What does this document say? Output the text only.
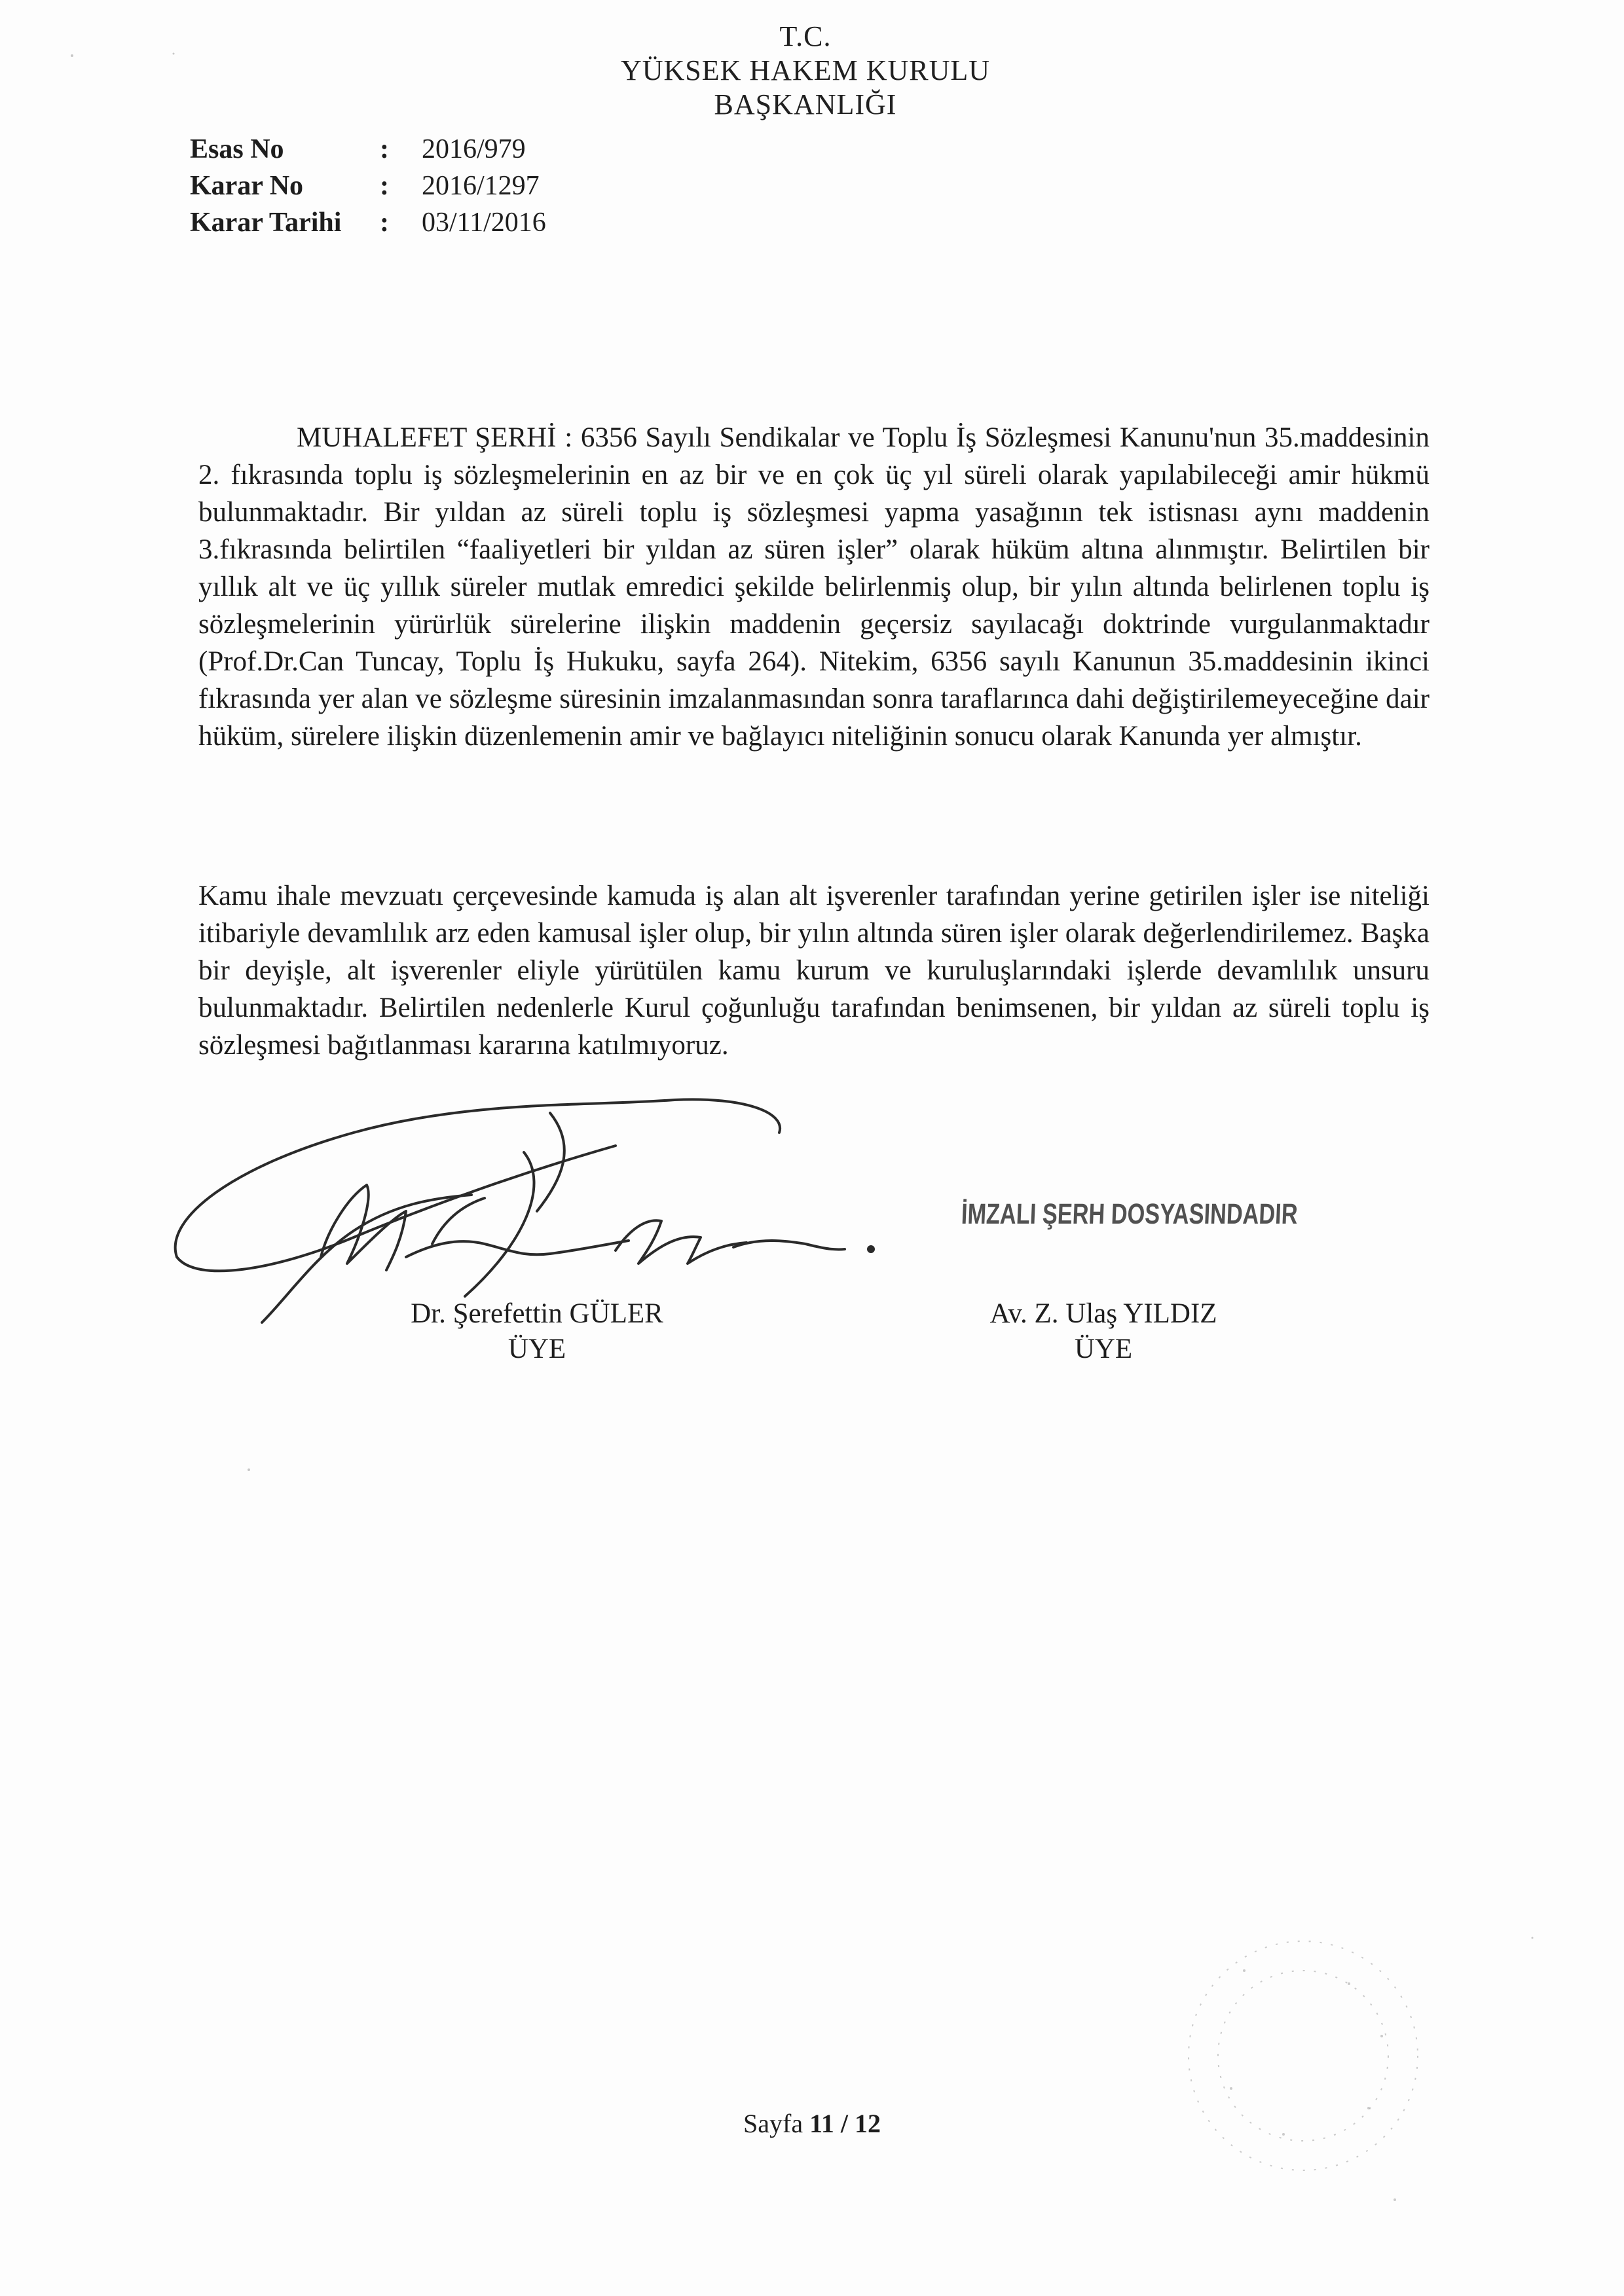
T.C.
YÜKSEK HAKEM KURULU
BAŞKANLIĞI
Esas No	:	2016/979
Karar No	:	2016/1297
Karar Tarihi	:	03/11/2016
MUHALEFET ŞERHİ : 6356 Sayılı Sendikalar ve Toplu İş Sözleşmesi Kanunu'nun 35.maddesinin 2. fıkrasında toplu iş sözleşmelerinin en az bir ve en çok üç yıl süreli olarak yapılabileceği amir hükmü bulunmaktadır. Bir yıldan az süreli toplu iş sözleşmesi yapma yasağının tek istisnası aynı maddenin 3.fıkrasında belirtilen “faaliyetleri bir yıldan az süren işler” olarak hüküm altına alınmıştır. Belirtilen bir yıllık alt ve üç yıllık süreler mutlak emredici şekilde belirlenmiş olup, bir yılın altında belirlenen toplu iş sözleşmelerinin yürürlük sürelerine ilişkin maddenin geçersiz sayılacağı doktrinde vurgulanmaktadır (Prof.Dr.Can Tuncay, Toplu İş Hukuku, sayfa 264). Nitekim, 6356 sayılı Kanunun 35.maddesinin ikinci fıkrasında yer alan ve sözleşme süresinin imzalanmasından sonra taraflarınca dahi değiştirilemeyeceğine dair hüküm, sürelere ilişkin düzenlemenin amir ve bağlayıcı niteliğinin sonucu olarak Kanunda yer almıştır.
Kamu ihale mevzuatı çerçevesinde kamuda iş alan alt işverenler tarafından yerine getirilen işler ise niteliği itibariyle devamlılık arz eden kamusal işler olup, bir yılın altında süren işler olarak değerlendirilemez. Başka bir deyişle, alt işverenler eliyle yürütülen kamu kurum ve kuruluşlarındaki işlerde devamlılık unsuru bulunmaktadır. Belirtilen nedenlerle Kurul çoğunluğu tarafından benimsenen, bir yıldan az süreli toplu iş sözleşmesi bağıtlanması kararına katılmıyoruz.
İMZALI ŞERH DOSYASINDADIR
Dr. Şerefettin GÜLER
ÜYE
Av. Z. Ulaş YILDIZ
ÜYE
Sayfa 11 / 12
